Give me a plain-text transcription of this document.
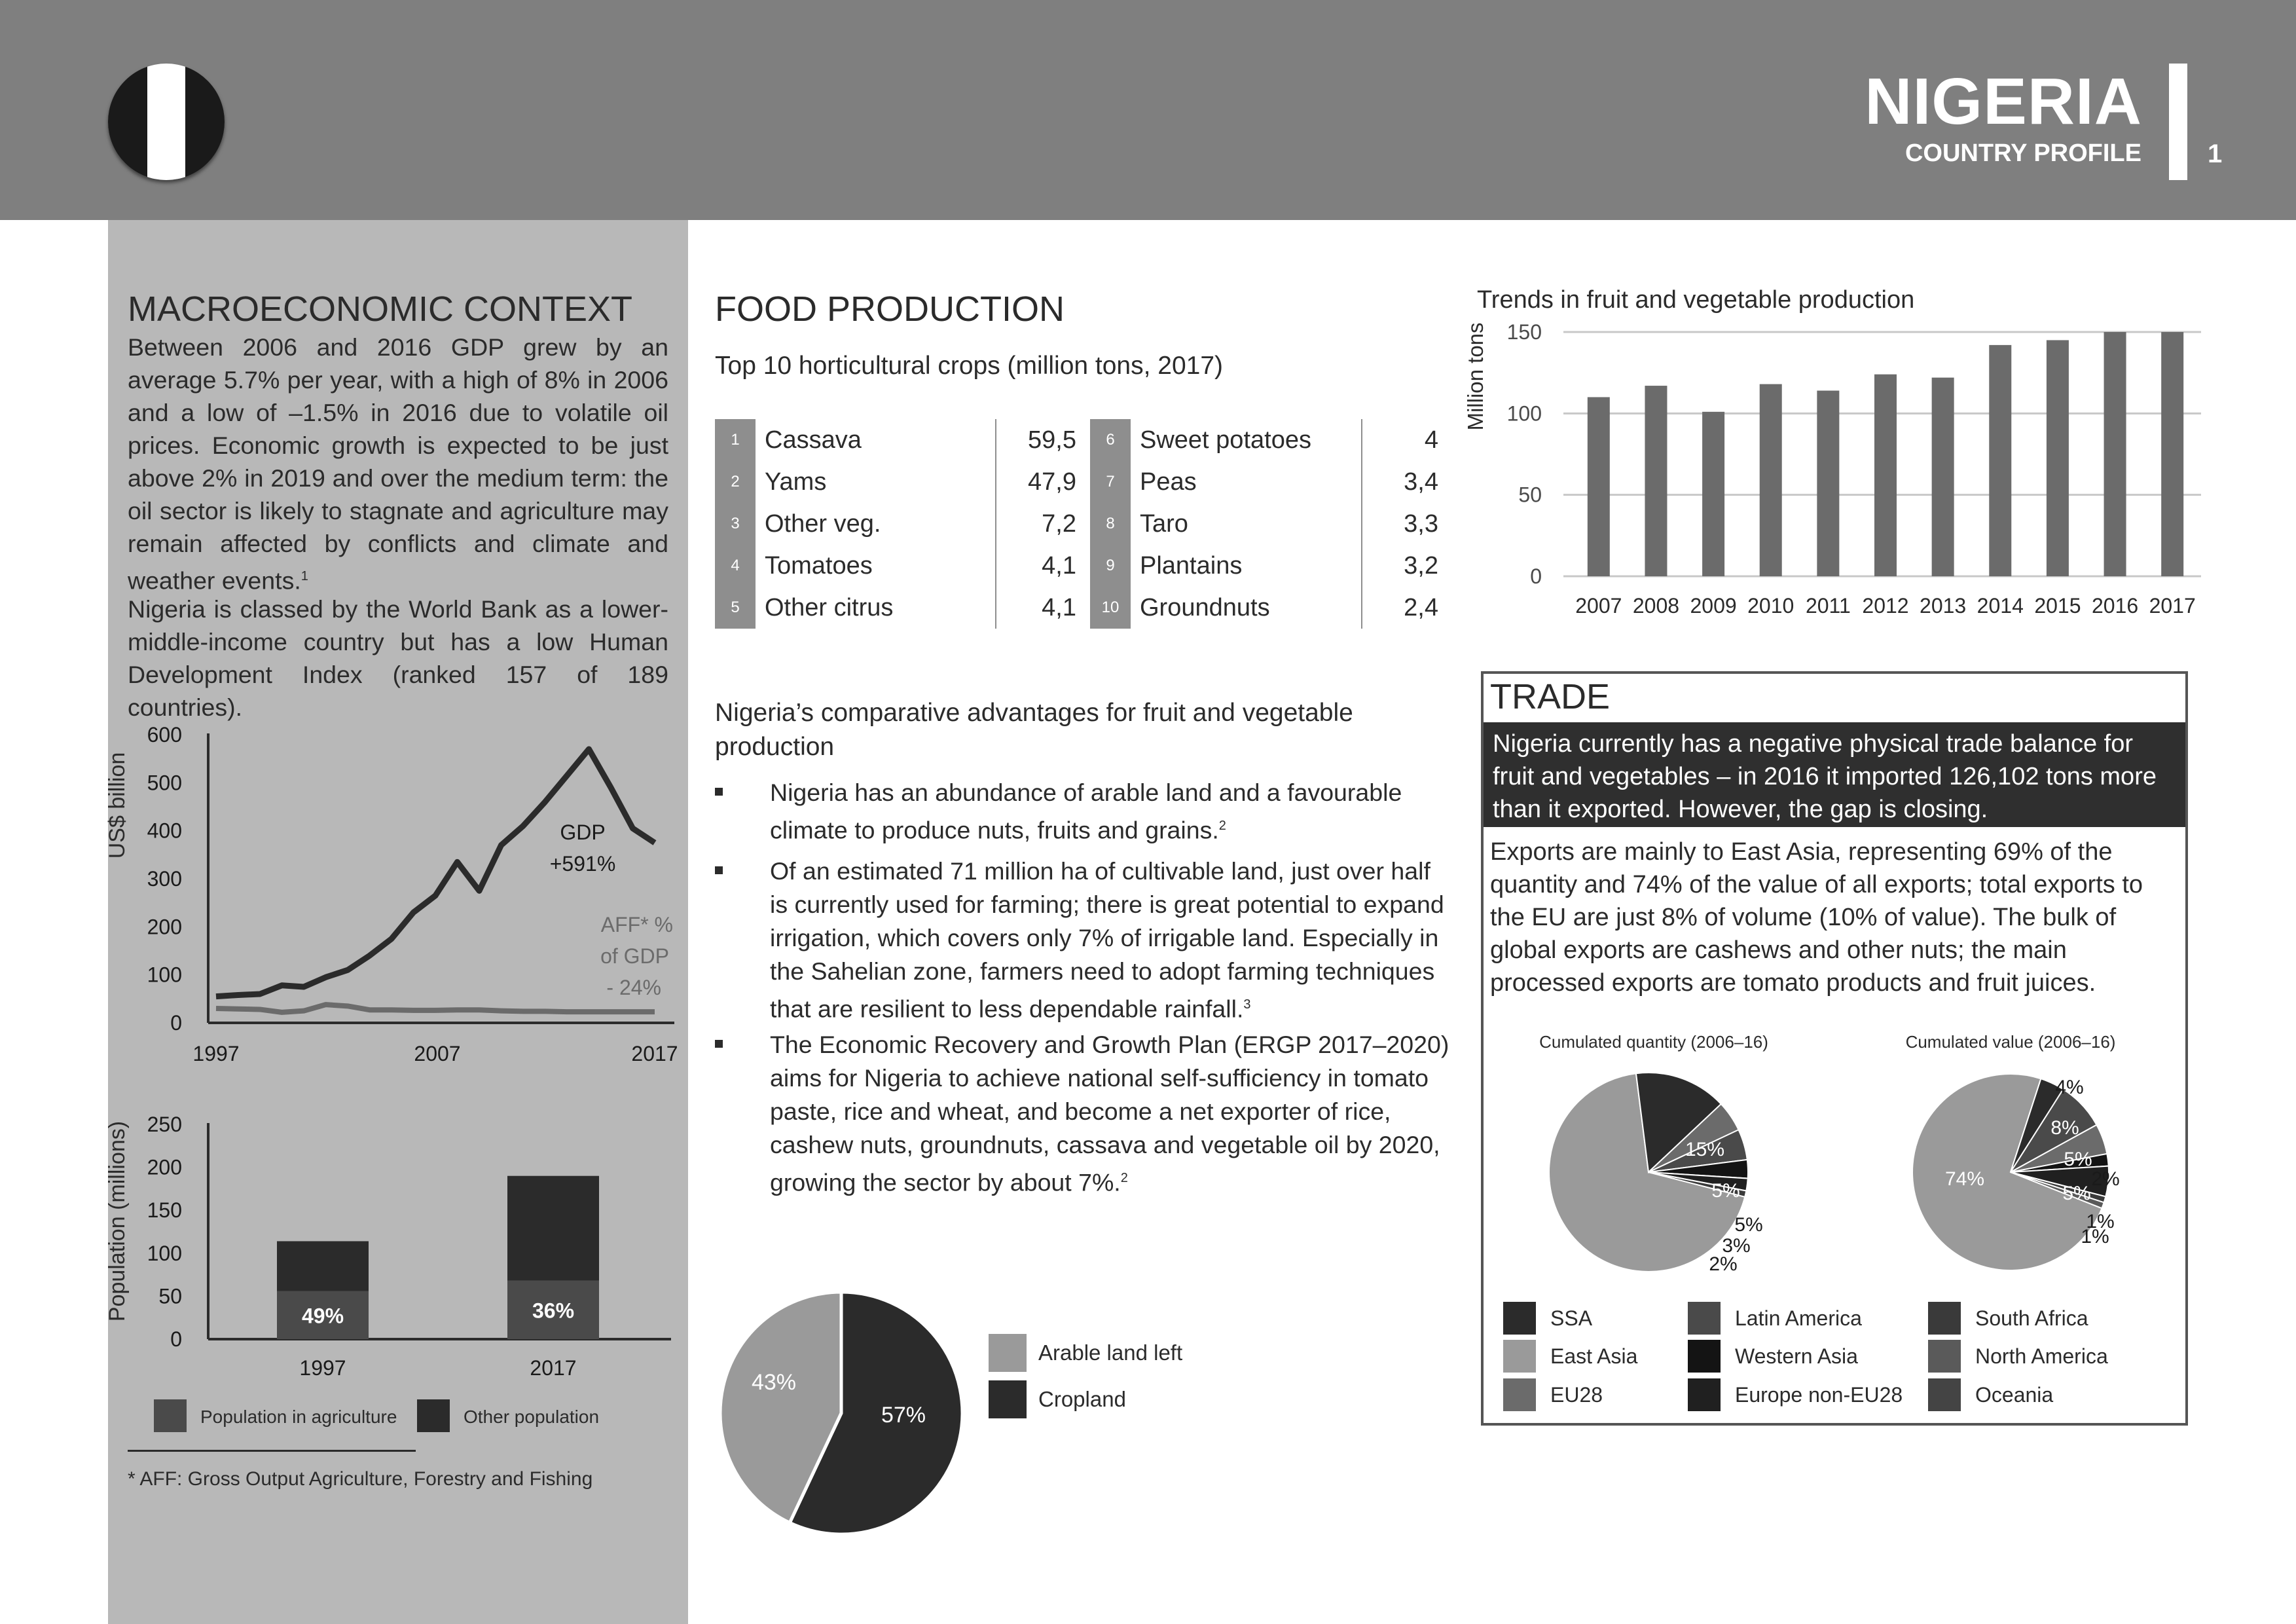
NIGERIA
COUNTRY PROFILE	1
MACROECONOMIC CONTEXT
Between 2006 and 2016 GDP grew by an average 5.7% per year, with a high of 8% in 2006 and a low of –1.5% in 2016 due to volatile oil prices. Economic growth is expected to be just above 2% in 2019 and over the medium term: the oil sector is likely to stagnate and agriculture may remain affected by conflicts and climate and weather events.$^1$
Nigeria is classed by the World Bank as a lower-middle-income country but has a low Human Development Index (ranked 157 of 189 countries).
US$ billion
600
500
400
300
200
100
0
1997	2007	2017
GDP
+591%
AFF* %
of GDP
- 24%
Population (millions) 250
200
150
100
50
0
49%	36%
1997	2017
Population in agriculture	Other population
* AFF: Gross Output Agriculture, Forestry and Fishing
FOOD PRODUCTION
Top 10 horticultural crops (million tons, 2017)
1	Cassava	59,5
2	Yams	47,9
3	Other veg.	7,2
4	Tomatoes	4,1
5	Other citrus	4,1
6	Sweet potatoes	4
7	Peas	3,4
8	Taro	3,3
9	Plantains	3,2
10 Groundnuts	2,4
Nigeria’s comparative advantages for fruit and vegetable
production
Nigeria has an abundance of arable land and a favourable
climate to produce nuts, fruits and grains.$^2$
Of an estimated 71 million ha of cultivable land, just over half
is currently used for farming; there is great potential to expand
irrigation, which covers only 7% of irrigable land. Especially in
the Sahelian zone, farmers need to adopt farming techniques
that are resilient to less dependable rainfall.$^3$
The Economic Recovery and Growth Plan (ERGP 2017–2020)
aims for Nigeria to achieve national self-sufficiency in tomato
paste, rice and wheat, and become a net exporter of rice,
cashew nuts, groundnuts, cassava and vegetable oil by 2020,
growing the sector by about 7%.$^2$
43%
57%
Arable land left
Cropland
Trends in fruit and vegetable production
Million tons 150
100
50
0
2007 2008 2009 2010 2011 2012 2013 2014 2015 2016 2017
TRADE
Nigeria currently has a negative physical trade balance for fruit and vegetables – in 2016 it imported 126,102 tons more than it exported. However, the gap is closing.
Exports are mainly to East Asia, representing 69% of the quantity and 74% of the value of all exports; total exports to the EU are just 8% of volume (10% of value). The bulk of global exports are cashews and other nuts; the main processed exports are tomato products and fruit juices.
Cumulated quantity (2006–16)	Cumulated value (2006–16)
69%
15%
5%
5%
3%
2%
74%
4%
8%
5%
2%
5%
1%
1%
SSA
East Asia
EU28
Latin America
Western Asia
Europe non-EU28
South Africa
North America
Oceania
